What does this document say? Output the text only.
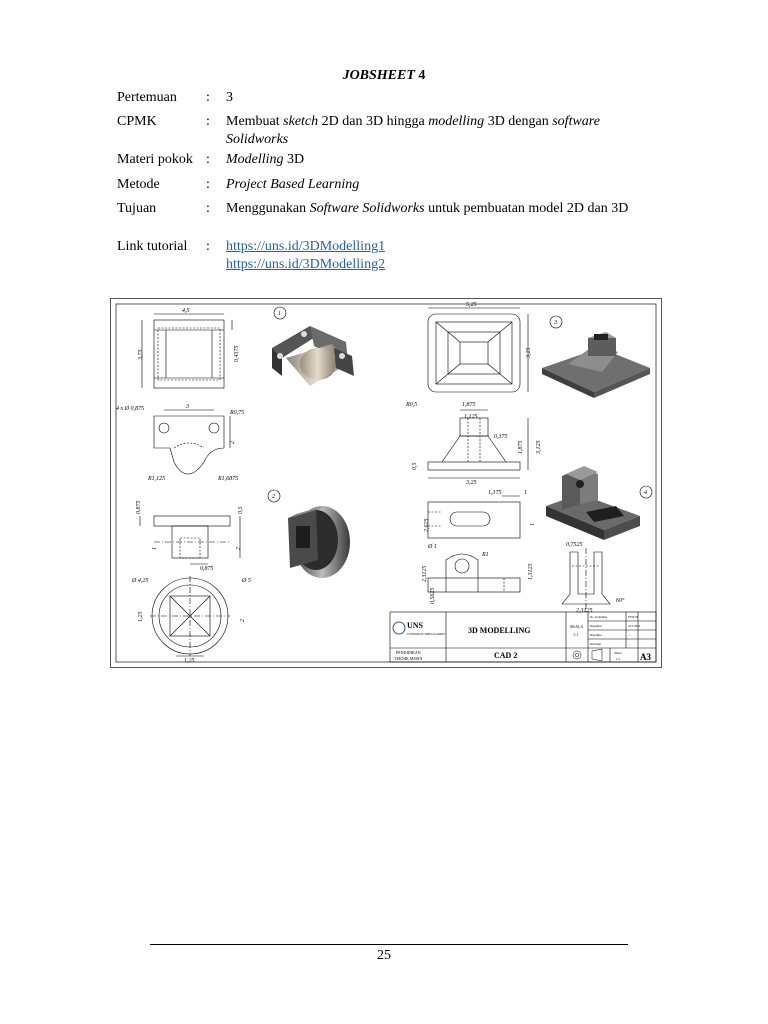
JOBSHEET 4
Pertemuan	: 3
CPMK	: Membuat sketch 2D dan 3D hingga modelling 3D dengan software Solidworks
Materi pokok : Modelling 3D
Metode	: Project Based Learning
Tujuan	: Menggunakan Software Solidworks untuk pembuatan model 2D dan 3D
Link tutorial	: https://uns.id/3DModelling1
https://uns.id/3DModelling2
4,5
3,75	0,4375
4 x Ø 0,875	3
R0,75
2
R1,125	R1,6875
1
0,875	0,5
1	2
0,875
Ø 4,25	Ø 5
1,25	2
1,25
2
5,25
3,25
R0,5	1,875
1,125
0,375
1,875 3,125
0,5
3,25
3
1,375	1
2,625	1
Ø 1
R1
2,3125	1,3125
0,5625
0,7525
2,3125
60°
4
UNS
UNIVERSITAS SEBELAS MARET	3D MODELLING	SKALA
1:1
PENDIDIKAN
TEKNIK MESIN	CAD 2
No. Dokumen	PTM.78
Digambar	22/1/2023
Diperiksa	...
Disetujui	...
Sheet
1/1 A3
25
